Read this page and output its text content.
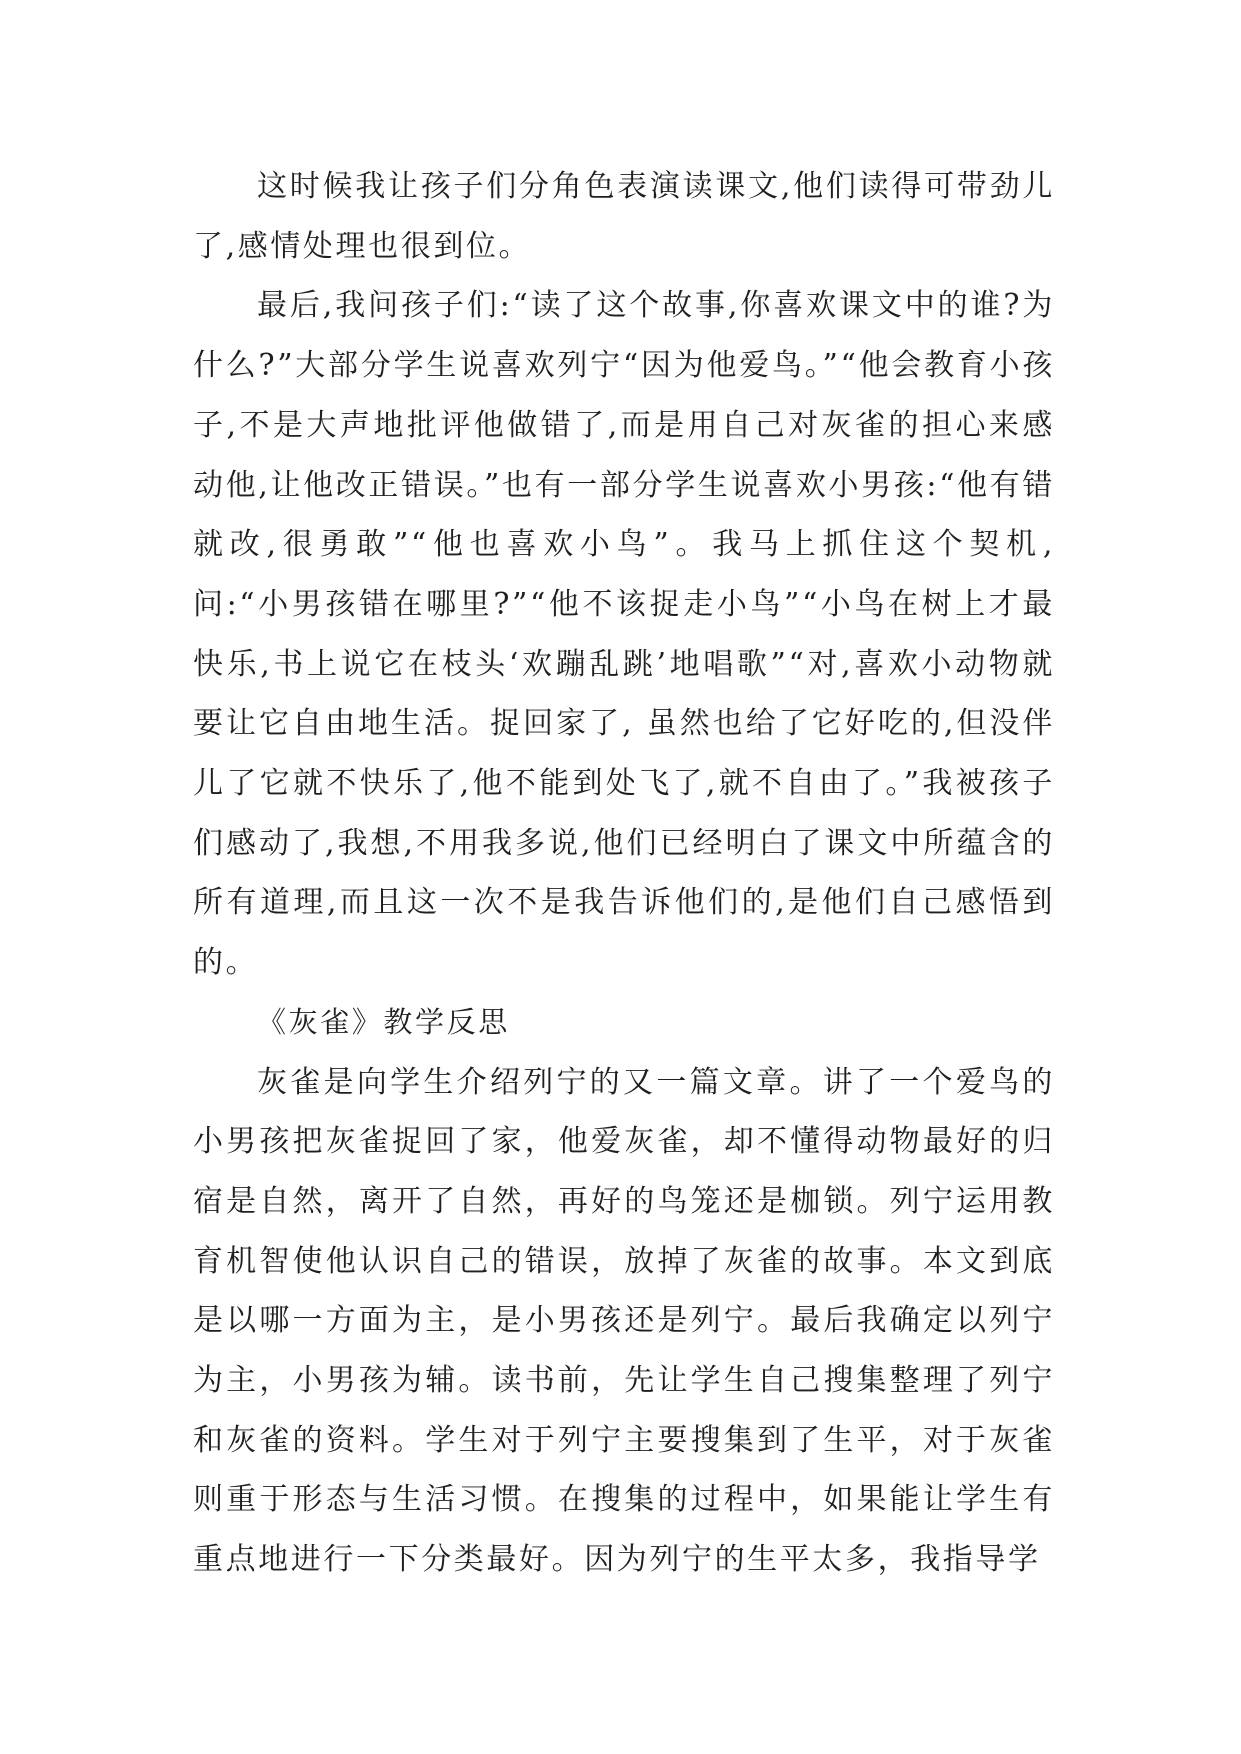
这时候我让孩子们分角色表演读课文,他们读得可带劲儿了,感情处理也很到位。

最后,我问孩子们:“读了这个故事,你喜欢课文中的谁?为什么?”大部分学生说喜欢列宁“因为他爱鸟。”“他会教育小孩子,不是大声地批评他做错了,而是用自己对灰雀的担心来感动他,让他改正错误。”也有一部分学生说喜欢小男孩:“他有错就改,很勇敢”“他也喜欢小鸟”。我马上抓住这个契机, 问:“小男孩错在哪里?”“他不该捉走小鸟”“小鸟在树上才最快乐,书上说它在枝头‘欢蹦乱跳’地唱歌”“对,喜欢小动物就要让它自由地生活。捉回家了, 虽然也给了它好吃的,但没伴儿了它就不快乐了,他不能到处飞了,就不自由了。”我被孩子们感动了,我想,不用我多说,他们已经明白了课文中所蕴含的所有道理,而且这一次不是我告诉他们的,是他们自己感悟到的。

《灰雀》教学反思

灰雀是向学生介绍列宁的又一篇文章。讲了一个爱鸟的小男孩把灰雀捉回了家，他爱灰雀，却不懂得动物最好的归宿是自然，离开了自然，再好的鸟笼还是枷锁。列宁运用教育机智使他认识自己的错误，放掉了灰雀的故事。本文到底是以哪一方面为主，是小男孩还是列宁。最后我确定以列宁为主，小男孩为辅。读书前，先让学生自己搜集整理了列宁和灰雀的资料。学生对于列宁主要搜集到了生平，对于灰雀则重于形态与生活习惯。在搜集的过程中，如果能让学生有重点地进行一下分类最好。因为列宁的生平太多，我指导学
